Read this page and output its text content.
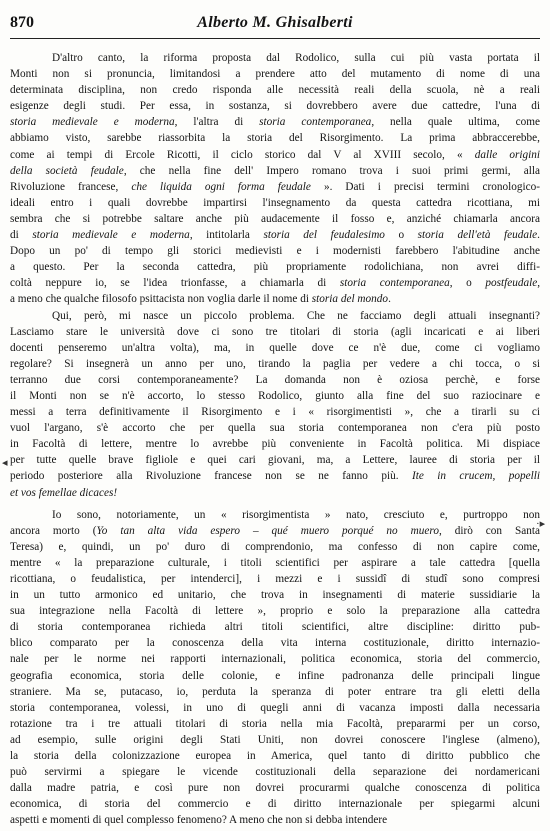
870	Alberto M. Ghisalberti
D'altro canto, la riforma proposta dal Rodolico, sulla cui più vasta portata il
Monti non si pronuncia, limitandosi a prendere atto del mutamento di nome di una
determinata disciplina, non credo risponda alle necessità reali della scuola, nè a reali
esigenze degli studi. Per essa, in sostanza, si dovrebbero avere due cattedre, l'una di
storia medievale e moderna, l'altra di storia contemporanea, nella quale ultima, come
abbiamo visto, sarebbe riassorbita la storia del Risorgimento. La prima abbraccerebbe,
come ai tempi di Ercole Ricotti, il ciclo storico dal V al XVIII secolo, « dalle origini
della società feudale, che nella fine dell' Impero romano trova i suoi primi germi, alla
Rivoluzione francese, che liquida ogni forma feudale ». Dati i precisi termini cronologico-
ideali entro i quali dovrebbe impartirsi l'insegnamento da questa cattedra ricottiana, mi
sembra che si potrebbe saltare anche più audacemente il fosso e, anziché chiamarla ancora
di storia medievale e moderna, intitolarla storia del feudalesimo o storia dell'età feudale.
Dopo un po' di tempo gli storici medievisti e i modernisti farebbero l'abitudine anche
a questo. Per la seconda cattedra, più propriamente rodolichiana, non avrei diffi-
coltà neppure io, se l'idea trionfasse, a chiamarla di storia contemporanea, o postfeudale,
a meno che qualche filosofo psittacista non voglia darle il nome di storia del mondo.
Qui, però, mi nasce un piccolo problema. Che ne facciamo degli attuali insegnanti?
Lasciamo stare le università dove ci sono tre titolari di storia (agli incaricati e ai liberi
docenti penseremo un'altra volta), ma, in quelle dove ce n'è due, come ci vogliamo
regolare? Si insegnerà un anno per uno, tirando la paglia per vedere a chi tocca, o si
terranno due corsi contemporaneamente? La domanda non è oziosa perchè, e forse
il Monti non se n'è accorto, lo stesso Rodolico, giunto alla fine del suo raziocinare e
messi a terra definitivamente il Risorgimento e i « risorgimentisti », che a tirarli su ci
vuol l'argano, s'è accorto che per quella sua storia contemporanea non c'era più posto
in Facoltà di lettere, mentre lo avrebbe più conveniente in Facoltà politica. Mi dispiace
per tutte quelle brave figliole e quei cari giovani, ma, a Lettere, lauree di storia per il
periodo posteriore alla Rivoluzione francese non se ne fanno più. Ite in crucem, popelli
et vos femellae dicaces!
Io sono, notoriamente, un « risorgimentista » nato, cresciuto e, purtroppo non
ancora morto (Yo tan alta vida espero – qué muero porqué no muero, dirò con Santa
Teresa) e, quindi, un po' duro di comprendonio, ma confesso di non capire come,
mentre « la preparazione culturale, i titoli scientifici per aspirare a tale cattedra [quella
ricottiana, o feudalistica, per intenderci], i mezzi e i sussidî di studî sono compresi
in un tutto armonico ed unitario, che trova in insegnamenti di materie sussidiarie la
sua integrazione nella Facoltà di lettere », proprio e solo la preparazione alla cattedra
di storia contemporanea richieda altri titoli scientifici, altre discipline: diritto pub-
blico comparato per la conoscenza della vita interna costituzionale, diritto internazio-
nale per le norme nei rapporti internazionali, politica economica, storia del commercio,
geografia economica, storia delle colonie, e infine padronanza delle principali lingue
straniere. Ma se, putacaso, io, perduta la speranza di poter entrare tra gli eletti della
storia contemporanea, volessi, in uno di quegli anni di vacanza imposti dalla necessaria
rotazione tra i tre attuali titolari di storia nella mia Facoltà, prepararmi per un corso,
ad esempio, sulle origini degli Stati Uniti, non dovrei conoscere l'inglese (almeno),
la storia della colonizzazione europea in America, quel tanto di diritto pubblico che
può servirmi a spiegare le vicende costituzionali della separazione dei nordamericani
dalla madre patria, e così pure non dovrei procurarmi qualche conoscenza di politica
economica, di storia del commercio e di diritto internazionale per spiegarmi alcuni
aspetti e momenti di quel complesso fenomeno? A meno che non si debba intendere
◂
·▸
